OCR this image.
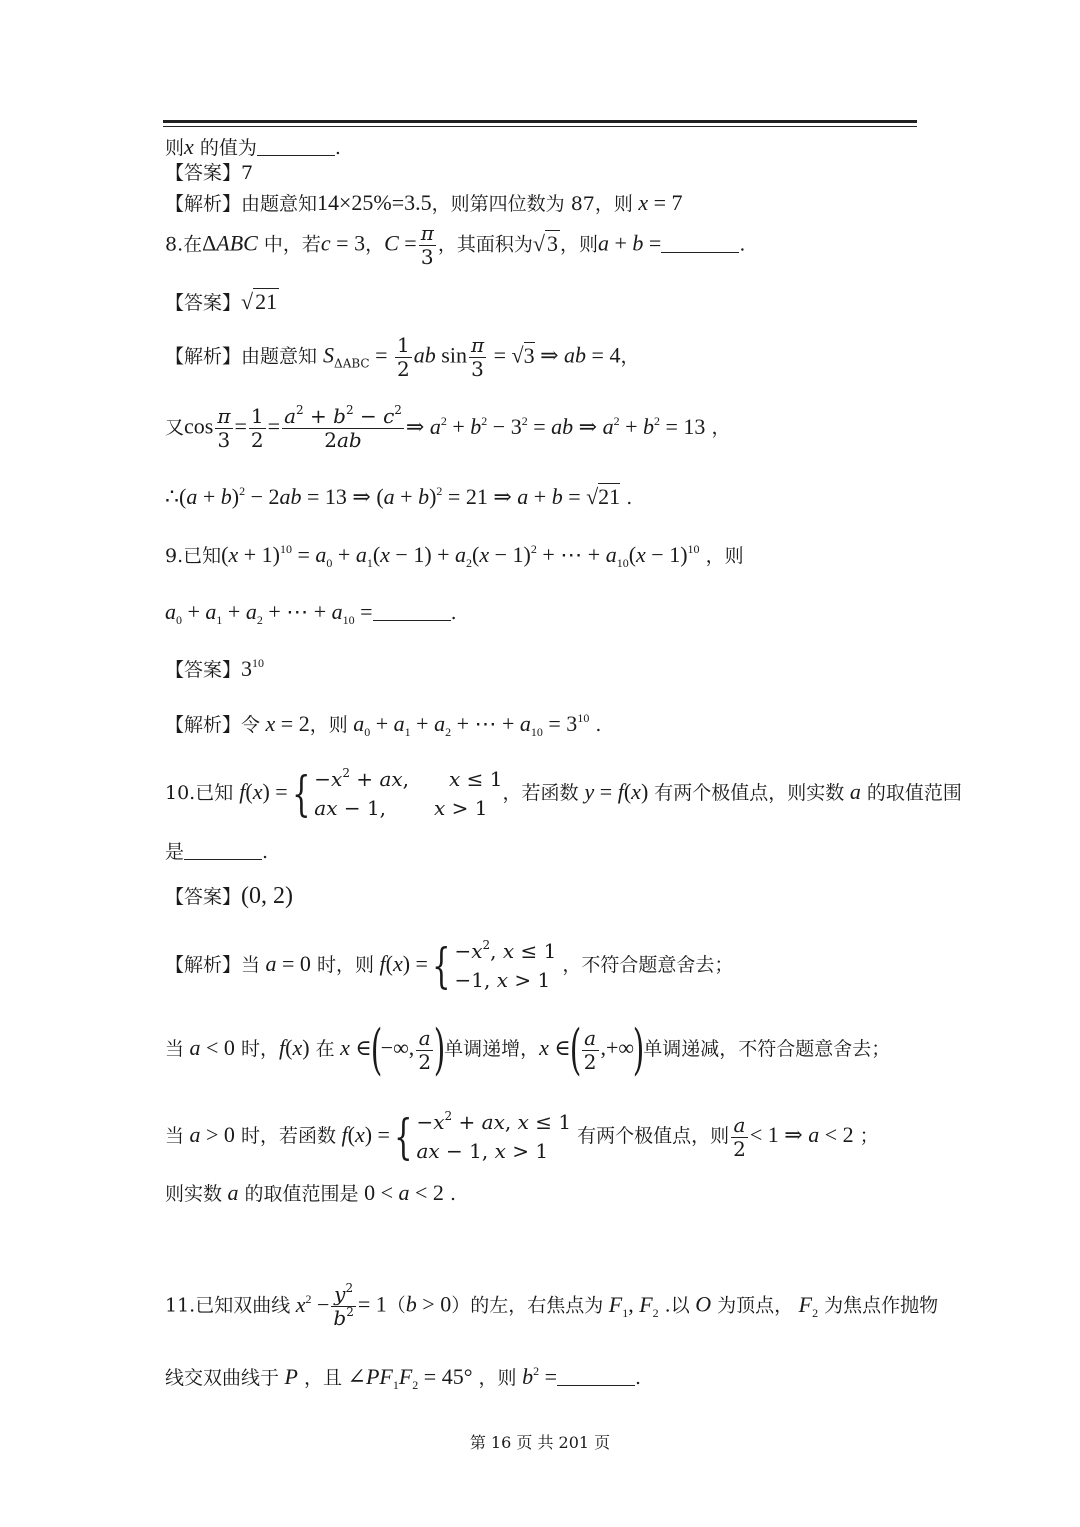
则x 的值为	.
【答案】7
【解析】由题意知14×25%=3.5，则第四位数为 87，则 x = 7
8.在ΔABC 中，若c = 3，$C = \frac{\pi}{3}$ ，其面积为√3 ，则a + b =	.
【答案】√21
【解析】由题意知 $S_{\Delta ABC} = \frac{1}{2}$ ab $\sin \frac{\pi}{3} = √3$ ⇒ ab = 4，
又$\cos \frac{\pi}{3} = \frac{1}{2} = \frac{a^2 + b^2 - c^2}{2ab}$ ⇒ $a^2 + b^2 - 3^2$ = ab ⇒ $a^2 + b^2 = 13$ ，
∴(a + b)$^2$ − 2ab = 13 ⇒ $(a + b)^2 = 21$ ⇒ a + b = √21 .
9.已知$(x + 1)^{10} = a_0 + a_1(x - 1) + a_2(x - 1)^2$ + ⋯ + $a_{10}(x - 1)^{10}$ ，则
$a_0 + a_1 + a_2$ + ⋯ + $a_{10}$ =	.
【答案】$3^{10}$
【解析】令 x = 2，则 $a_0 + a_1 + a_2$ + ⋯ + $a_{10} = 3^{10}$ .
10.已知 f(x) ={ $-x^2$ + ax, x ≤ 1
ax − 1, x > 1
，若函数 y = f(x) 有两个极值点，则实数 a 的取值范围
是	.
【答案】(0, 2)
【解析】当 a = 0 时，则 f(x) ={ $-x^2$, x ≤ 1
−1, x > 1
，不符合题意舍去；
当 a < 0 时，f(x) 在 x ∈(−∞, $\frac{a}{2}$ )单调递增，x ∈( $\frac{a}{2}$ ,+∞)单调递减，不符合题意舍去；
当 a > 0 时，若函数 f(x) ={ $-x^2$ + ax, x ≤ 1
ax − 1, x > 1
有两个极值点，则 $\frac{a}{2} < 1$ ⇒ a < 2 ；
则实数 a 的取值范围是 0 < a < 2 .
11.已知双曲线 $x^2 - \frac{y^2}{b^2} = 1(b > 0)$的左，右焦点为 $F_1$, $F_2$ .以 O 为顶点， $F_2$ 为焦点作抛物
线交双曲线于 P ，且 $\angle PF_1F_2 = 45^\circ$ ，则 $b^2$ =	.
第 16 页 共 201 页
